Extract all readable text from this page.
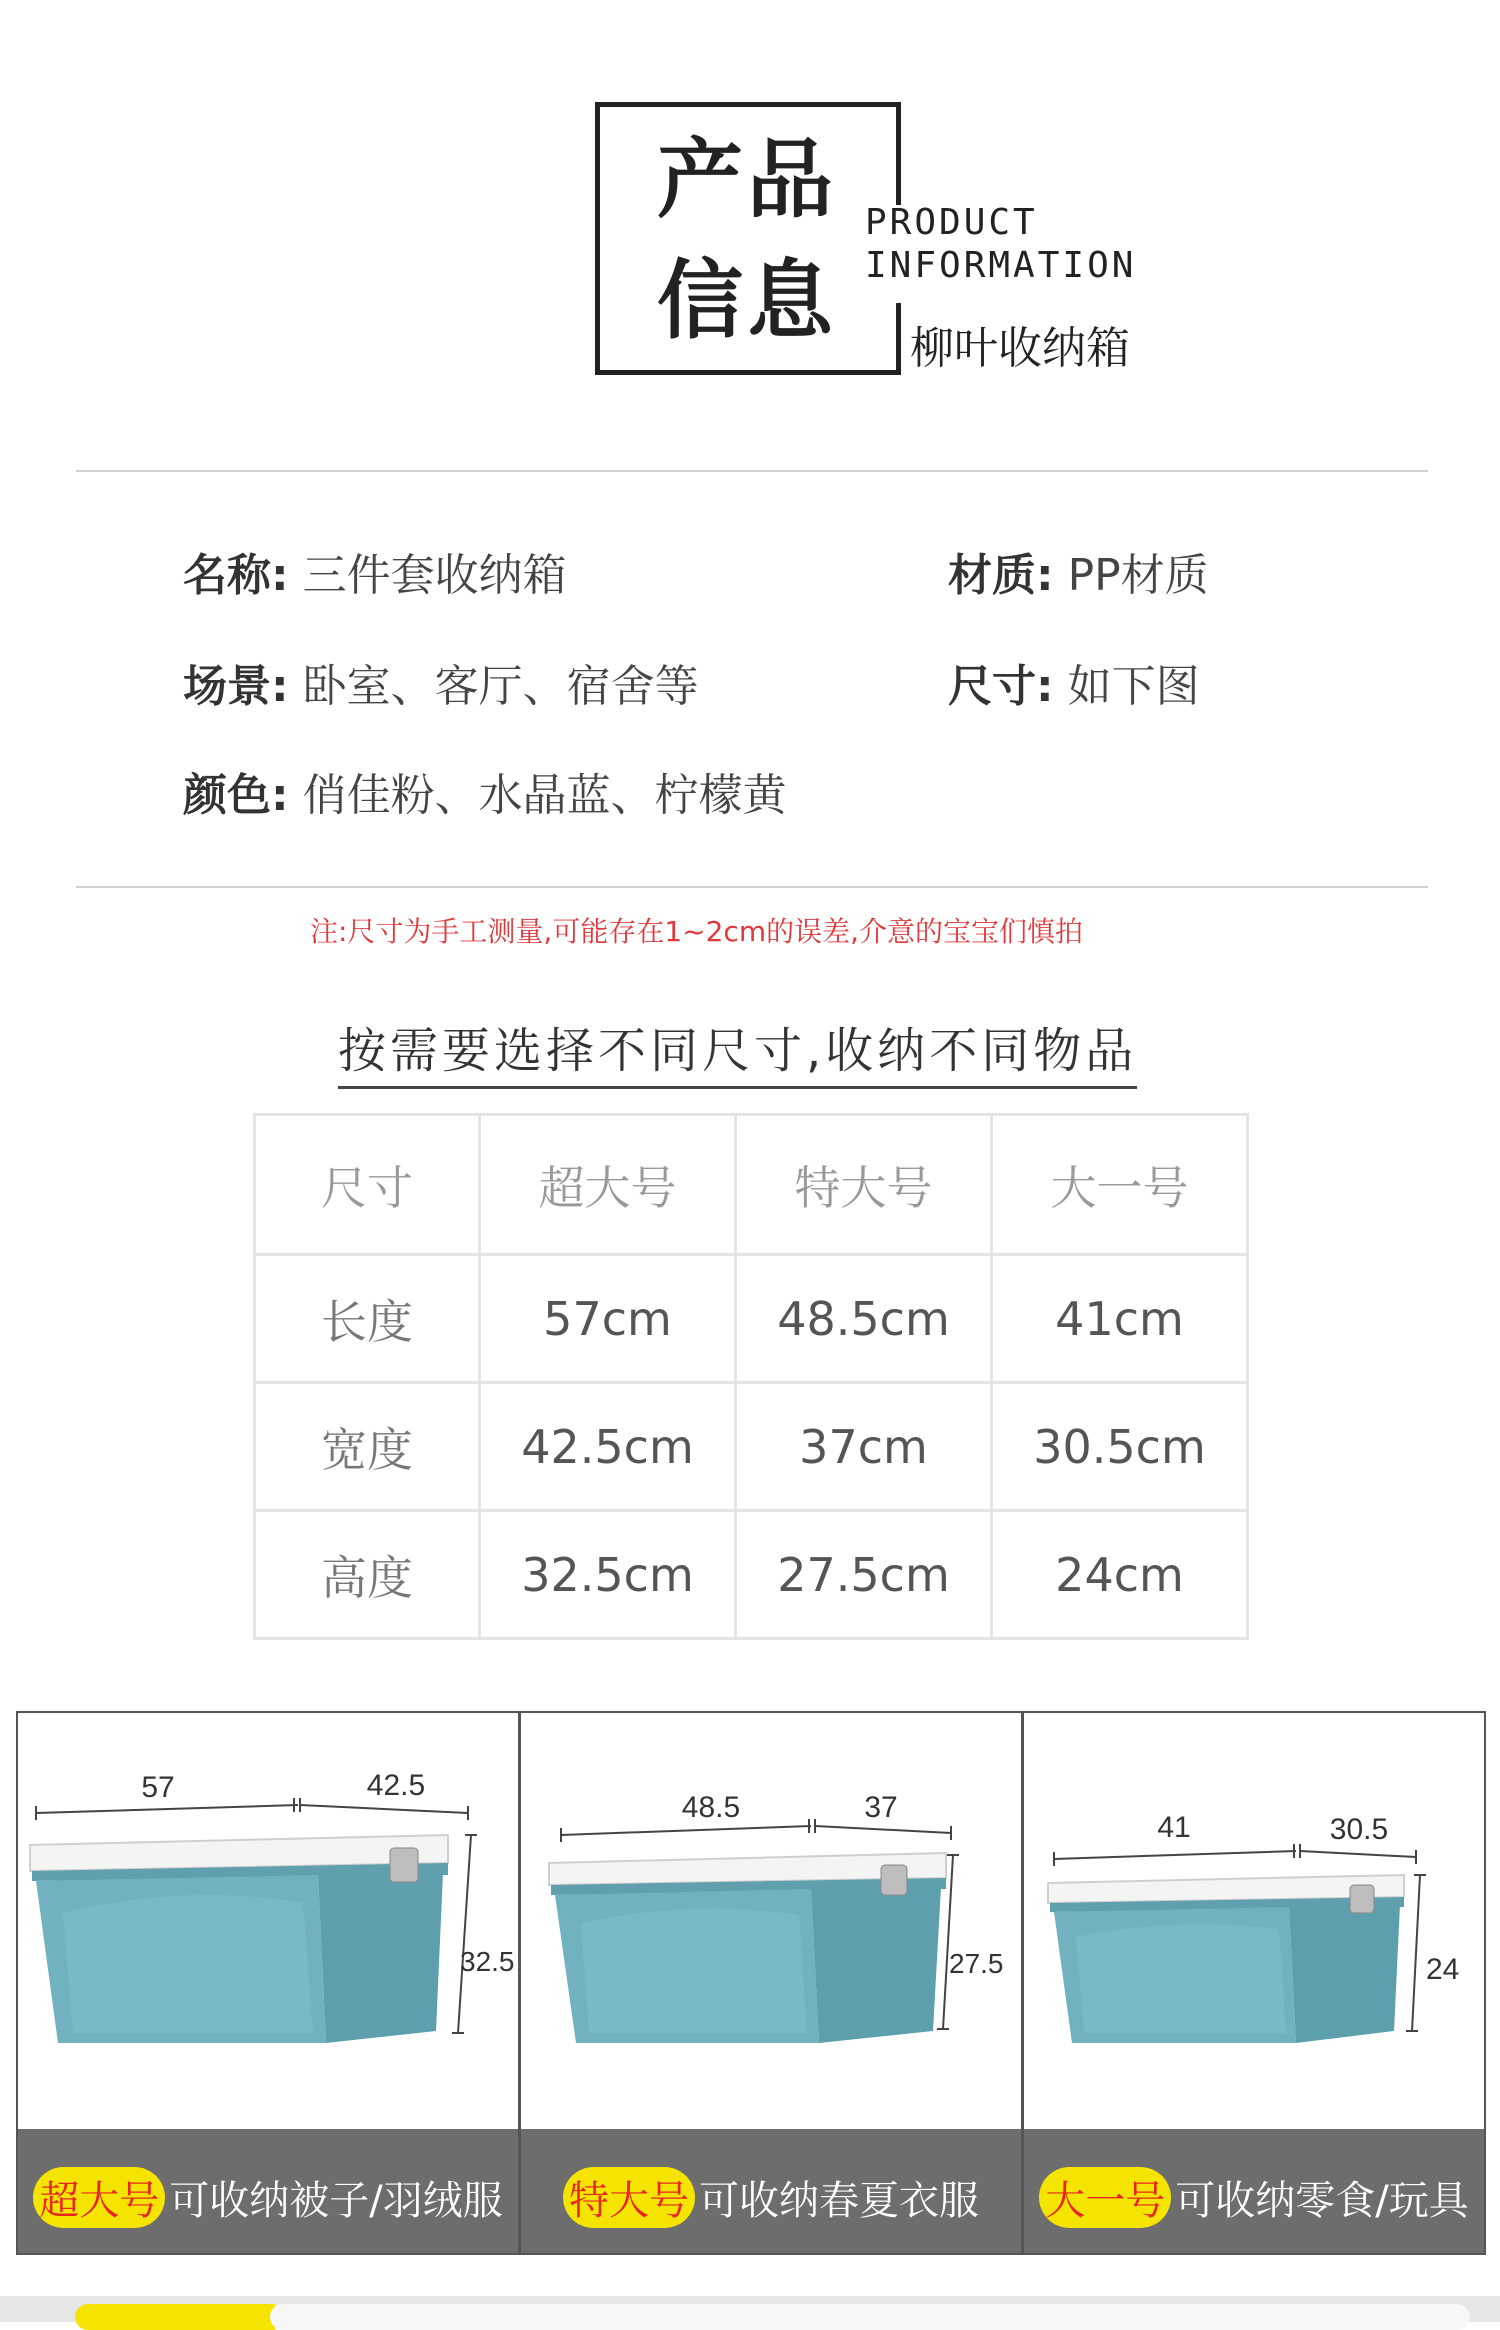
产品
信息
PRODUCT
INFORMATION
柳叶收纳箱
名称: 三件套收纳箱	材质: PP材质
场景: 卧室、客厅、宿舍等	尺寸: 如下图
颜色: 俏佳粉、水晶蓝、柠檬黄
注:尺寸为手工测量,可能存在1~2cm的误差,介意的宝宝们慎拍
按需要选择不同尺寸,收纳不同物品
尺寸	超大号	特大号	大一号
长度	57cm	48.5cm	41cm
宽度	42.5cm	37cm	30.5cm
高度	32.5cm	27.5cm	24cm
57	42.5
32.5
超大号 可收纳被子/羽绒服
48.5	37
27.5
特大号 可收纳春夏衣服
41	30.5
24
大一号 可收纳零食/玩具
